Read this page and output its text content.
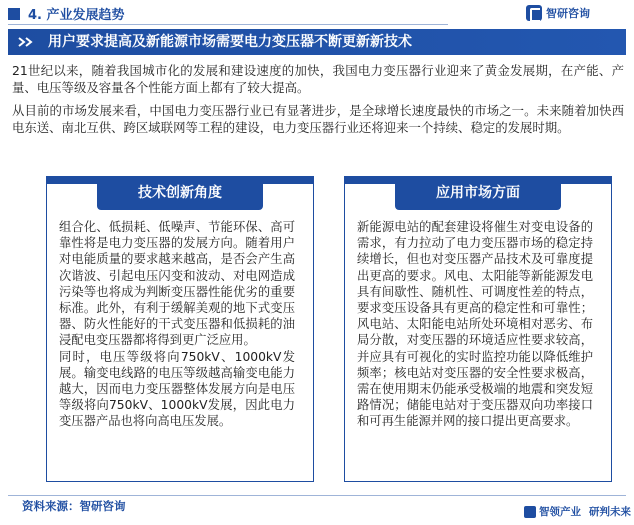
4. 产业发展趋势	智研咨询
用户要求提高及新能源市场需要电力变压器不断更新新技术

21世纪以来，随着我国城市化的发展和建设速度的加快，我国电力变压器行业迎来了黄金发展期，在产能、产量、电压等级及容量各个性能方面上都有了较大提高。

从目前的市场发展来看，中国电力变压器行业已有显著进步，是全球增长速度最快的市场之一。未来随着加快西电东送、南北互供、跨区域联网等工程的建设，电力变压器行业还将迎来一个持续、稳定的发展时期。

技术创新角度

组合化、低损耗、低噪声、节能环保、高可靠性将是电力变压器的发展方向。随着用户对电能质量的要求越来越高，是否会产生高次谐波、引起电压闪变和波动、对电网造成污染等也将成为判断变压器性能优劣的重要标准。此外，有利于缓解美观的地下式变压器、防火性能好的干式变压器和低损耗的油浸配电变压器都将得到更广泛应用。

同时，电压等级将向750kV、1000kV发展。输变电线路的电压等级越高输变电能力越大，因而电力变压器整体发展方向是电压等级将向750kV、1000kV发展，因此电力变压器产品也将向高电压发展。

应用市场方面

新能源电站的配套建设将催生对变电设备的需求，有力拉动了电力变压器市场的稳定持续增长，但也对变压器产品技术及可靠度提出更高的要求。风电、太阳能等新能源发电具有间歇性、随机性、可调度性差的特点，要求变压设备具有更高的稳定性和可靠性；风电站、太阳能电站所处环境相对恶劣、布局分散，对变压器的环境适应性要求较高，并应具有可视化的实时监控功能以降低维护频率；核电站对变压器的安全性要求极高，需在使用期末仍能承受极端的地震和突发短路情况；储能电站对于变压器双向功率接口和可再生能源并网的接口提出更高要求。

资料来源：智研咨询	智领产业 研判未来
